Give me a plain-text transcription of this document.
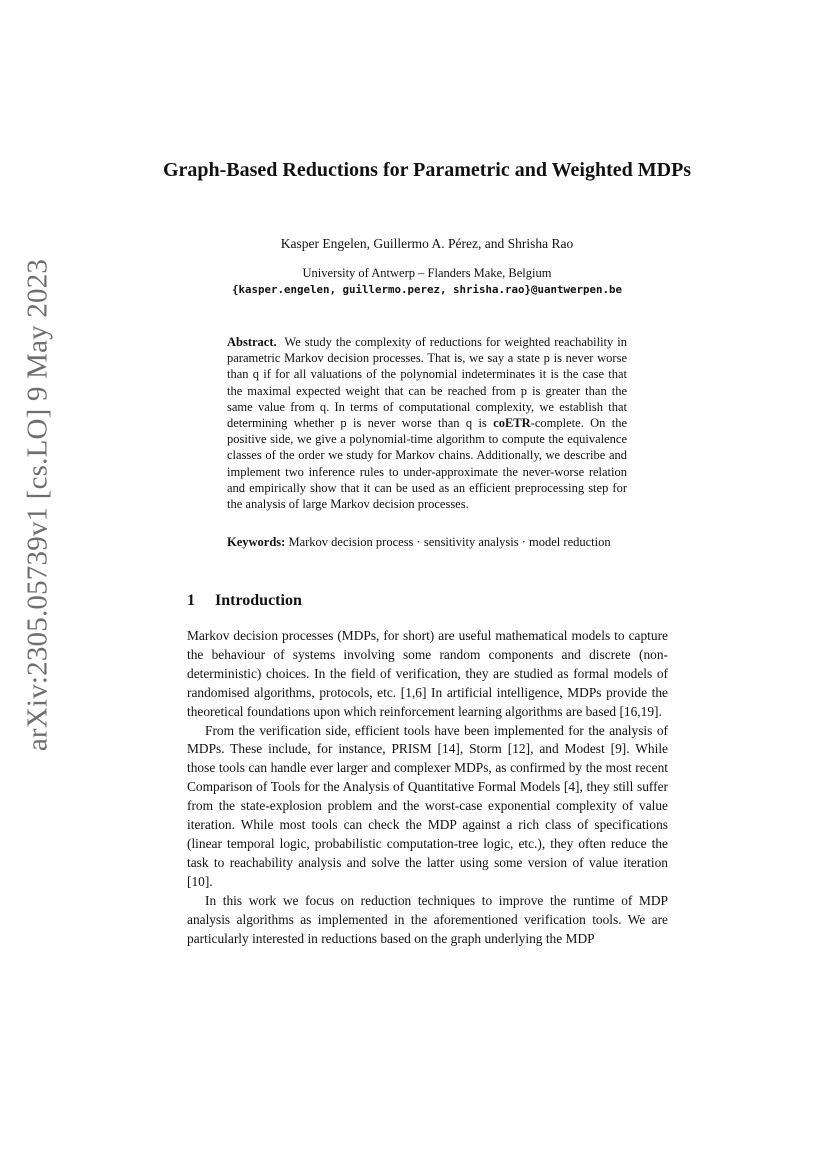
arXiv:2305.05739v1 [cs.LO] 9 May 2023
Graph-Based Reductions for Parametric and Weighted MDPs

Kasper Engelen, Guillermo A. Pérez, and Shrisha Rao

University of Antwerp – Flanders Make, Belgium

{kasper.engelen, guillermo.perez, shrisha.rao}@uantwerpen.be

Abstract. We study the complexity of reductions for weighted reachability in parametric Markov decision processes. That is, we say a state p is never worse than q if for all valuations of the polynomial indeterminates it is the case that the maximal expected weight that can be reached from p is greater than the same value from q. In terms of computational complexity, we establish that determining whether p is never worse than q is coETR-complete. On the positive side, we give a polynomial-time algorithm to compute the equivalence classes of the order we study for Markov chains. Additionally, we describe and implement two inference rules to under-approximate the never-worse relation and empirically show that it can be used as an efficient preprocessing step for the analysis of large Markov decision processes.

Keywords: Markov decision process · sensitivity analysis · model reduction

1 Introduction

Markov decision processes (MDPs, for short) are useful mathematical models to capture the behaviour of systems involving some random components and discrete (non-deterministic) choices. In the field of verification, they are studied as formal models of randomised algorithms, protocols, etc. [1,6] In artificial intelligence, MDPs provide the theoretical foundations upon which reinforcement learning algorithms are based [16,19].

From the verification side, efficient tools have been implemented for the analysis of MDPs. These include, for instance, PRISM [14], Storm [12], and Modest [9]. While those tools can handle ever larger and complexer MDPs, as confirmed by the most recent Comparison of Tools for the Analysis of Quantitative Formal Models [4], they still suffer from the state-explosion problem and the worst-case exponential complexity of value iteration. While most tools can check the MDP against a rich class of specifications (linear temporal logic, probabilistic computation-tree logic, etc.), they often reduce the task to reachability analysis and solve the latter using some version of value iteration [10].

In this work we focus on reduction techniques to improve the runtime of MDP analysis algorithms as implemented in the aforementioned verification tools. We are particularly interested in reductions based on the graph underlying the MDP
